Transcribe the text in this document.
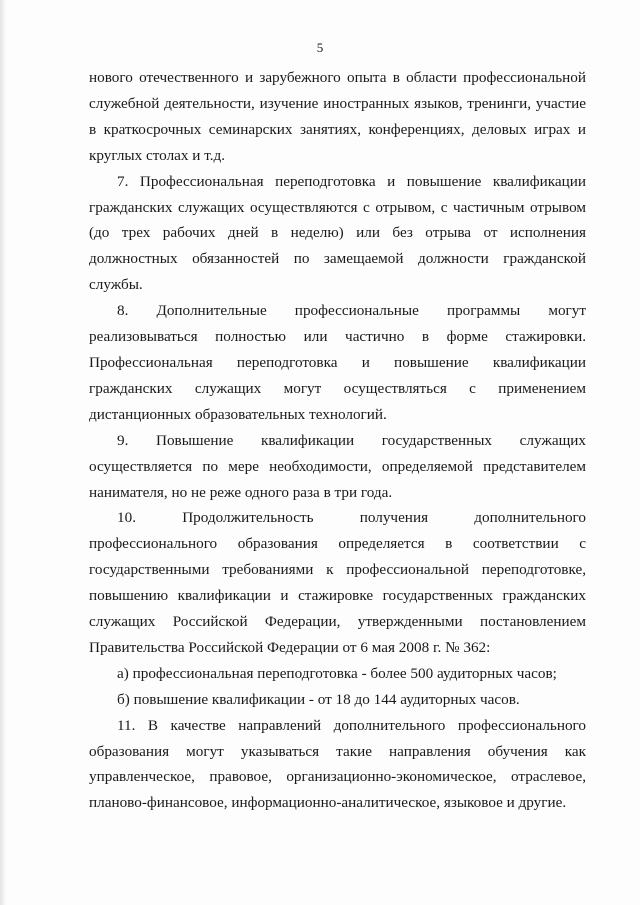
5

нового отечественного и зарубежного опыта в области профессиональной служебной деятельности, изучение иностранных языков, тренинги, участие в краткосрочных семинарских занятиях, конференциях, деловых играх и круглых столах и т.д.

7. Профессиональная переподготовка и повышение квалификации гражданских служащих осуществляются с отрывом, с частичным отрывом (до трех рабочих дней в неделю) или без отрыва от исполнения должностных обязанностей по замещаемой должности гражданской службы.

8. Дополнительные профессиональные программы могут реализовываться полностью или частично в форме стажировки. Профессиональная переподготовка и повышение квалификации гражданских служащих могут осуществляться с применением дистанционных образовательных технологий.

9. Повышение квалификации государственных служащих осуществляется по мере необходимости, определяемой представителем нанимателя, но не реже одного раза в три года.

10. Продолжительность получения дополнительного профессионального образования определяется в соответствии с государственными требованиями к профессиональной переподготовке, повышению квалификации и стажировке государственных гражданских служащих Российской Федерации, утвержденными постановлением Правительства Российской Федерации от 6 мая 2008 г. № 362:

а) профессиональная переподготовка - более 500 аудиторных часов;

б) повышение квалификации - от 18 до 144 аудиторных часов.

11. В качестве направлений дополнительного профессионального образования могут указываться такие направления обучения как управленческое, правовое, организационно-экономическое, отраслевое, планово-финансовое, информационно-аналитическое, языковое и другие.
